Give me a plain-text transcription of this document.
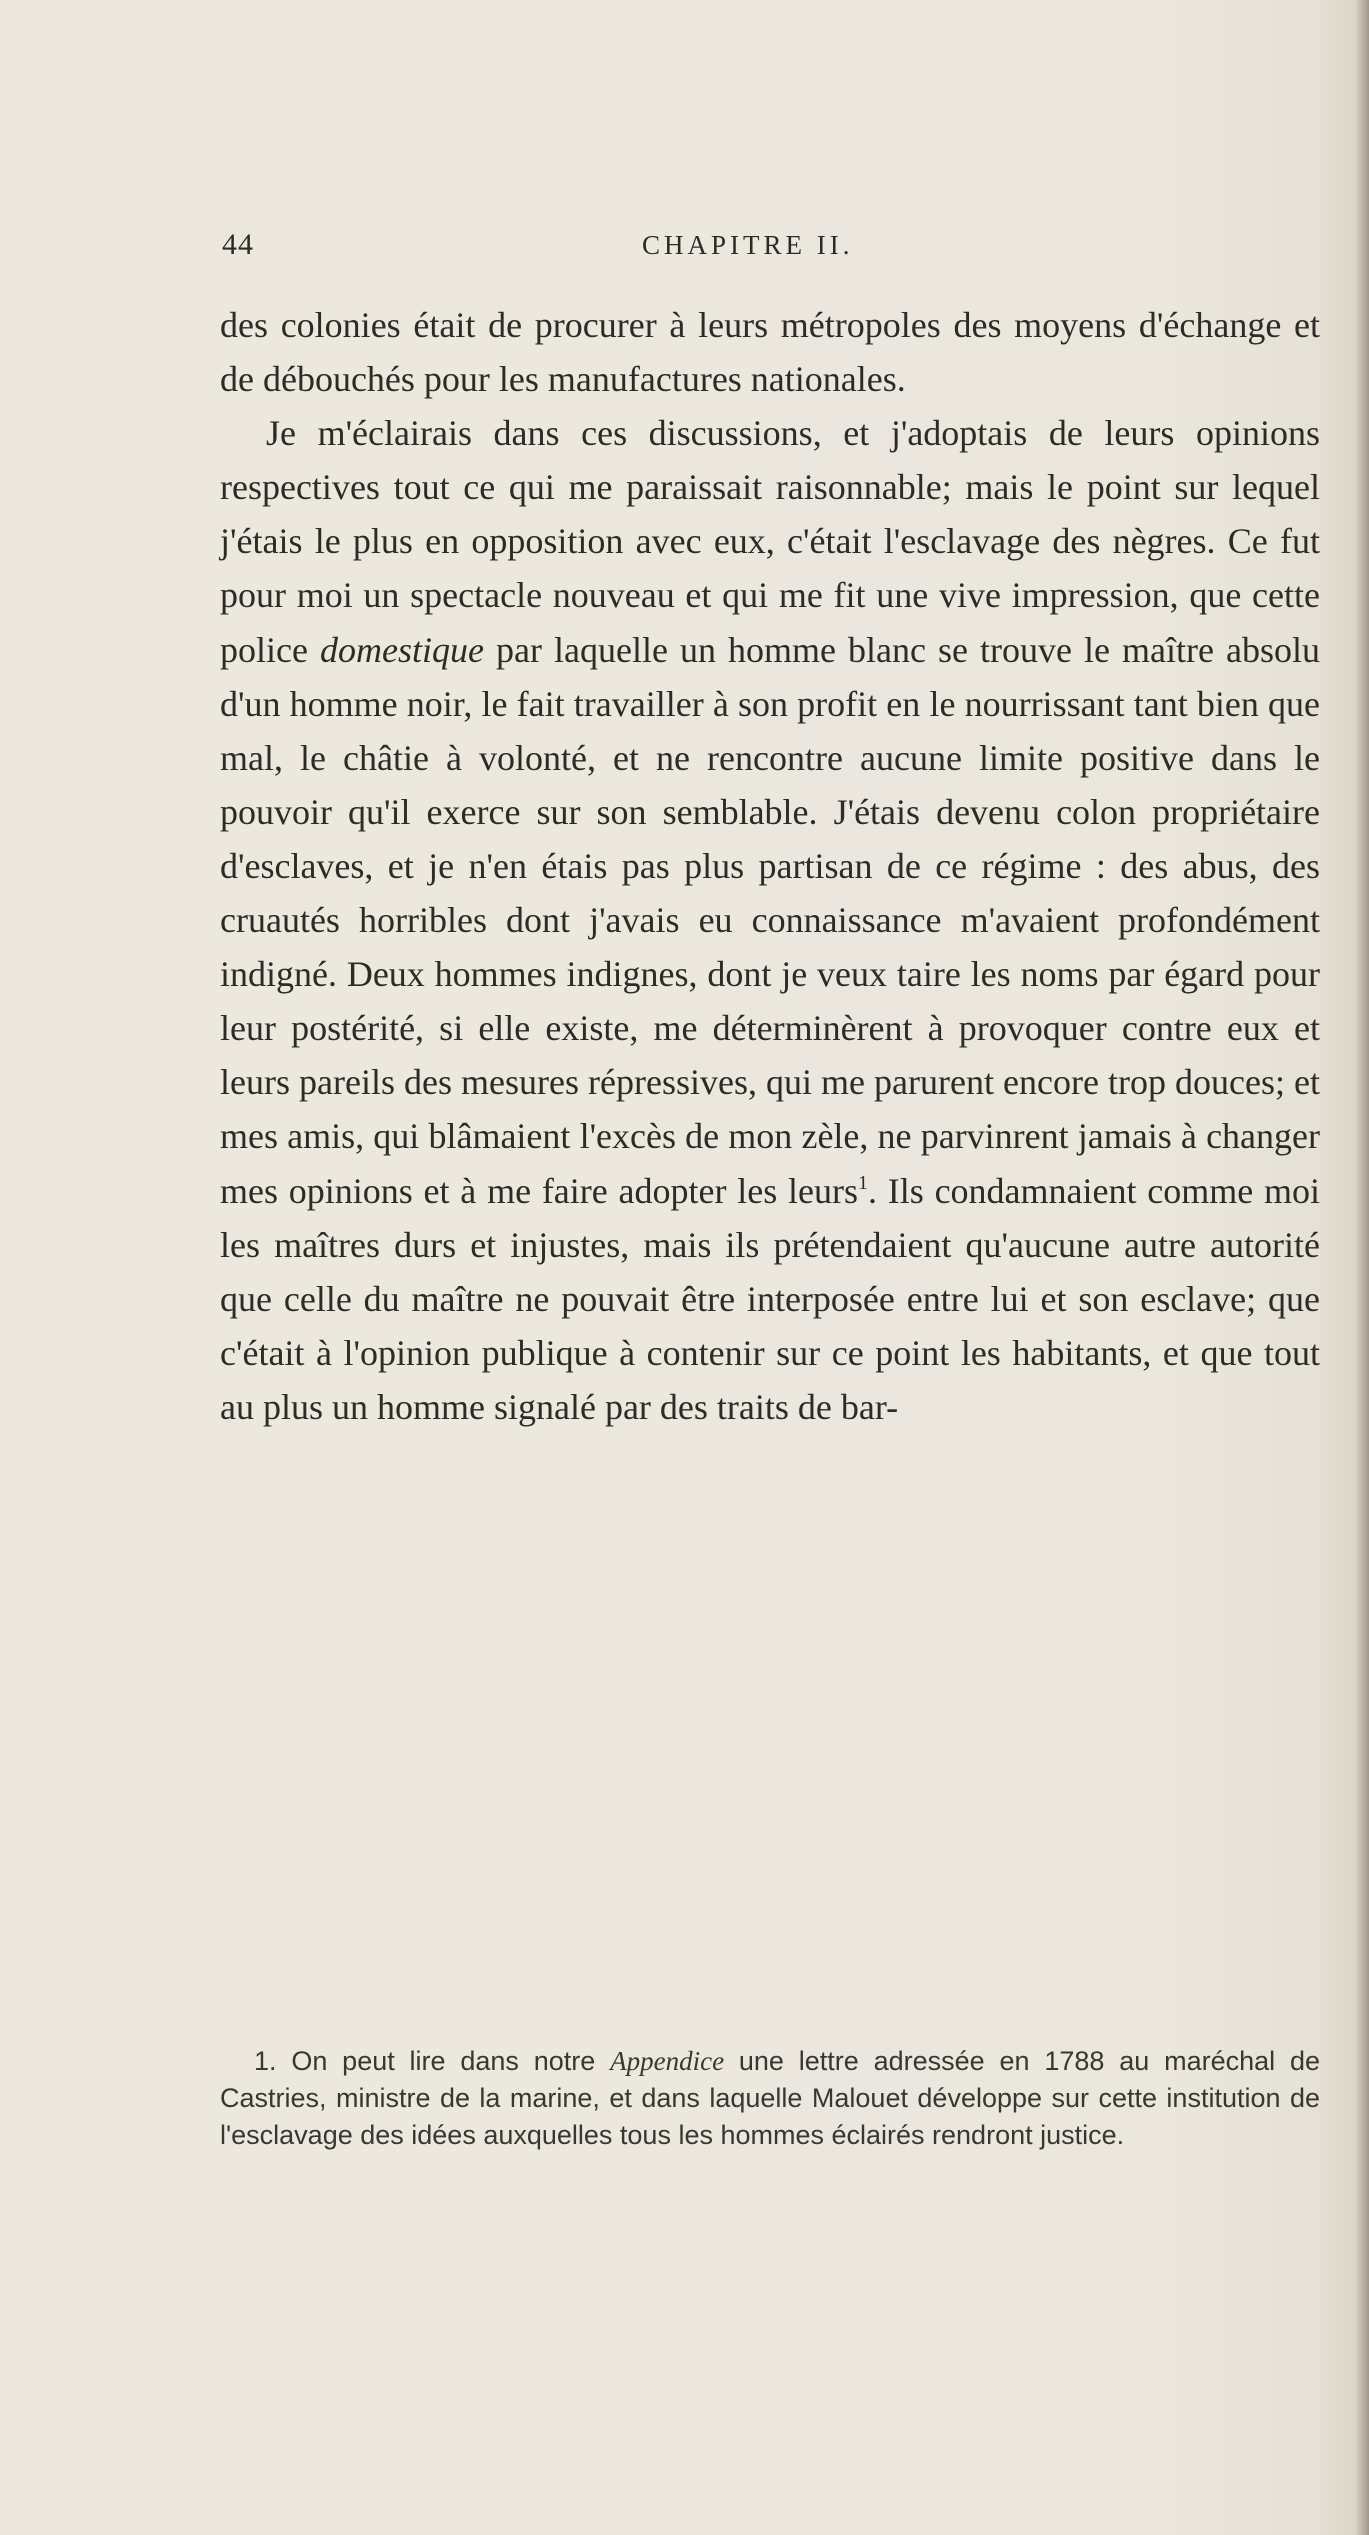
44	CHAPITRE II.

des colonies était de procurer à leurs métropoles des moyens d'échange et de débouchés pour les manufactures nationales.

Je m'éclairais dans ces discussions, et j'adoptais de leurs opinions respectives tout ce qui me paraissait raisonnable; mais le point sur lequel j'étais le plus en opposition avec eux, c'était l'esclavage des nègres. Ce fut pour moi un spectacle nouveau et qui me fit une vive impression, que cette police domestique par laquelle un homme blanc se trouve le maître absolu d'un homme noir, le fait travailler à son profit en le nourrissant tant bien que mal, le châtie à volonté, et ne rencontre aucune limite positive dans le pouvoir qu'il exerce sur son semblable. J'étais devenu colon propriétaire d'esclaves, et je n'en étais pas plus partisan de ce régime : des abus, des cruautés horribles dont j'avais eu connaissance m'avaient profondément indigné. Deux hommes indignes, dont je veux taire les noms par égard pour leur postérité, si elle existe, me déterminèrent à provoquer contre eux et leurs pareils des mesures répressives, qui me parurent encore trop douces; et mes amis, qui blâmaient l'excès de mon zèle, ne parvinrent jamais à changer mes opinions et à me faire adopter les leurs$^1$. Ils condamnaient comme moi les maîtres durs et injustes, mais ils prétendaient qu'aucune autre autorité que celle du maître ne pouvait être interposée entre lui et son esclave; que c'était à l'opinion publique à contenir sur ce point les habitants, et que tout au plus un homme signalé par des traits de bar-

1. On peut lire dans notre Appendice une lettre adressée en 1788 au maréchal de Castries, ministre de la marine, et dans laquelle Malouet développe sur cette institution de l'esclavage des idées auxquelles tous les hommes éclairés rendront justice.
